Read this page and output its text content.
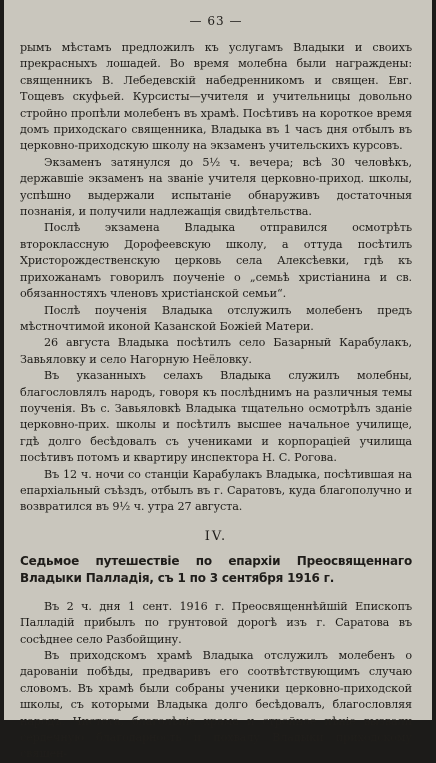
— 63 —

рымъ мѣстамъ предложилъ къ услугамъ Владыки и своихъ прекрасныхъ лошадей. Во время молебна были награждены: священникъ В. Лебедевскій набедренникомъ и священ. Евг. Тощевъ скуфьей. Курсисты—учителя и учительницы довольно стройно пропѣли молебенъ въ храмѣ. Посѣтивъ на короткое время домъ приходскаго священника, Владыка въ 1 часъ дня отбылъ въ церковно-приходскую школу на экзаменъ учительскихъ курсовъ.

Экзаменъ затянулся до 5½ ч. вечера; всѣ 30 человѣкъ, державшіе экзаменъ на званіе учителя церковно-приход. школы, успѣшно выдержали испытаніе обнаруживъ достаточныя познанія, и получили надлежащія свидѣтельства.

Послѣ экзамена Владыка отправился осмотрѣть второклассную Дорофеевскую школу, а оттуда посѣтилъ Христорождественскую церковь села Алексѣевки, гдѣ къ прихожанамъ говорилъ поученіе о „семьѣ христіанина и св. обязанностяхъ членовъ христіанской семьи“.

Послѣ поученія Владыка отслужилъ молебенъ предъ мѣстночтимой иконой Казанской Божіей Матери.

26 августа Владыка посѣтилъ село Базарный Карабулакъ, Завьяловку и село Нагорную Неёловку.

Въ указанныхъ селахъ Владыка служилъ молебны, благословлялъ народъ, говоря къ послѣднимъ на различныя темы поученія. Въ с. Завьяловкѣ Владыка тщательно осмотрѣлъ зданіе церковно-прих. школы и посѣтилъ высшее начальное училище, гдѣ долго бесѣдовалъ съ учениками и корпораціей училища посѣтивъ потомъ и квартиру инспектора Н. С. Рогова.

Въ 12 ч. ночи со станціи Карабулакъ Владыка, посѣтившая на епархіальный съѣздъ, отбылъ въ г. Саратовъ, куда благополучно и возвратился въ 9½ ч. утра 27 августа.

IV.
Седьмое путешествіе по епархіи Преосвященнаго Владыки Палладія, съ 1 по 3 сентября 1916 г.

Въ 2 ч. дня 1 сент. 1916 г. Преосвященнѣйшій Епископъ Палладій прибылъ по грунтовой дорогѣ изъ г. Саратова въ сосѣднее село Разбойщину.

Въ приходскомъ храмѣ Владыка отслужилъ молебенъ о дарованіи побѣды, предваривъ его соотвѣтствующимъ случаю словомъ. Въ храмѣ были собраны ученики церковно-приходской школы, съ которыми Владыка долго бесѣдовалъ, благословляя народъ. Чистота, благолѣпіе храма и стройное пѣніе вызвали сердечную благодарность и похвалу Владыки приходскому священ-
